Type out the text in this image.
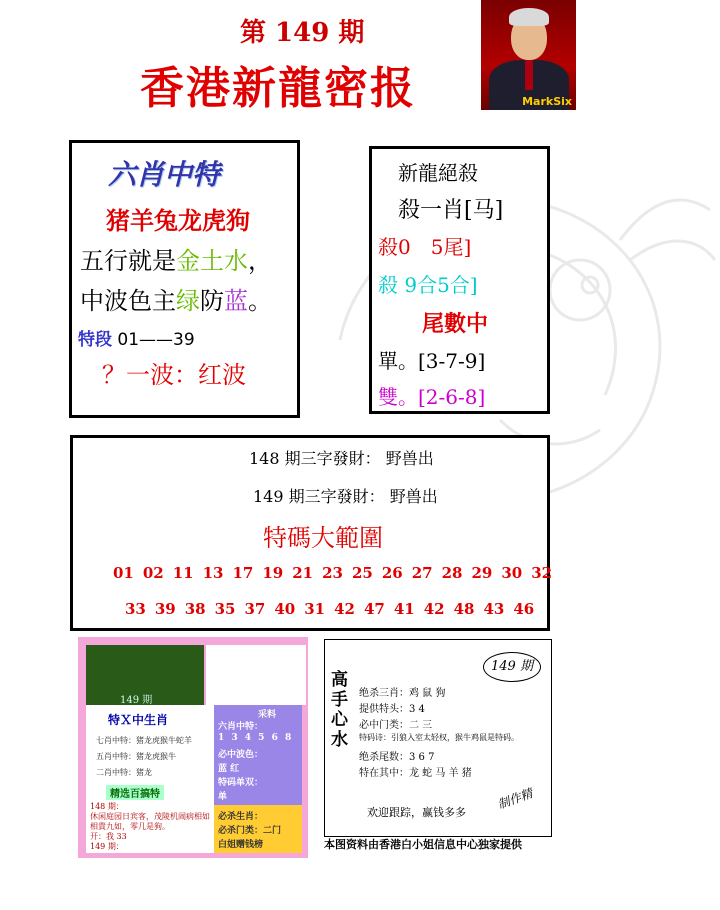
第 149 期
香港新龍密报	MarkSix
六肖中特
猪羊兔龙虎狗
五行就是金土水，
中波色主绿防蓝。
特段 01——39
？一波：红波
新龍絕殺
殺一肖[马]
殺0　5尾]
殺 9合5合]
尾數中
單。[3-7-9]
雙。[2-6-8]
148 期三字發財： 野兽出
149 期三字發財： 野兽出
特碼大範圍
01 02 11 13 17 19 21 23 25 26 27 28 29 30 32
33 39 38 35 37 40 31 42 47 41 42 48 43 46
149 期
特Ｘ中生肖
七肖中特：猪龙虎猴牛蛇羊
五肖中特：猪龙虎猴牛
二肖中特：猪龙
精选百搞特
148 期：
休闲庭园日宾客，茂陵机闹病相如
相貴九如，零几是狗。
开：我 33
149 期：
采料
六肖中特：
1 3 4 5 6 8
必中波色：
蓝 红
特码单双：
单
必杀生肖：
必杀门类：二门
白姐赠钱榜
高手心水
149 期
绝杀三肖：鸡 鼠 狗
提供特头：3 4
必中门类：二 三
特码诗：引狼入室太轻权，猴牛鸡鼠是特码。
绝杀尾数：3 6 7
特在其中：龙 蛇 马 羊 猪
欢迎跟踪，赢钱多多
制作精
本图资料由香港白小姐信息中心独家提供
